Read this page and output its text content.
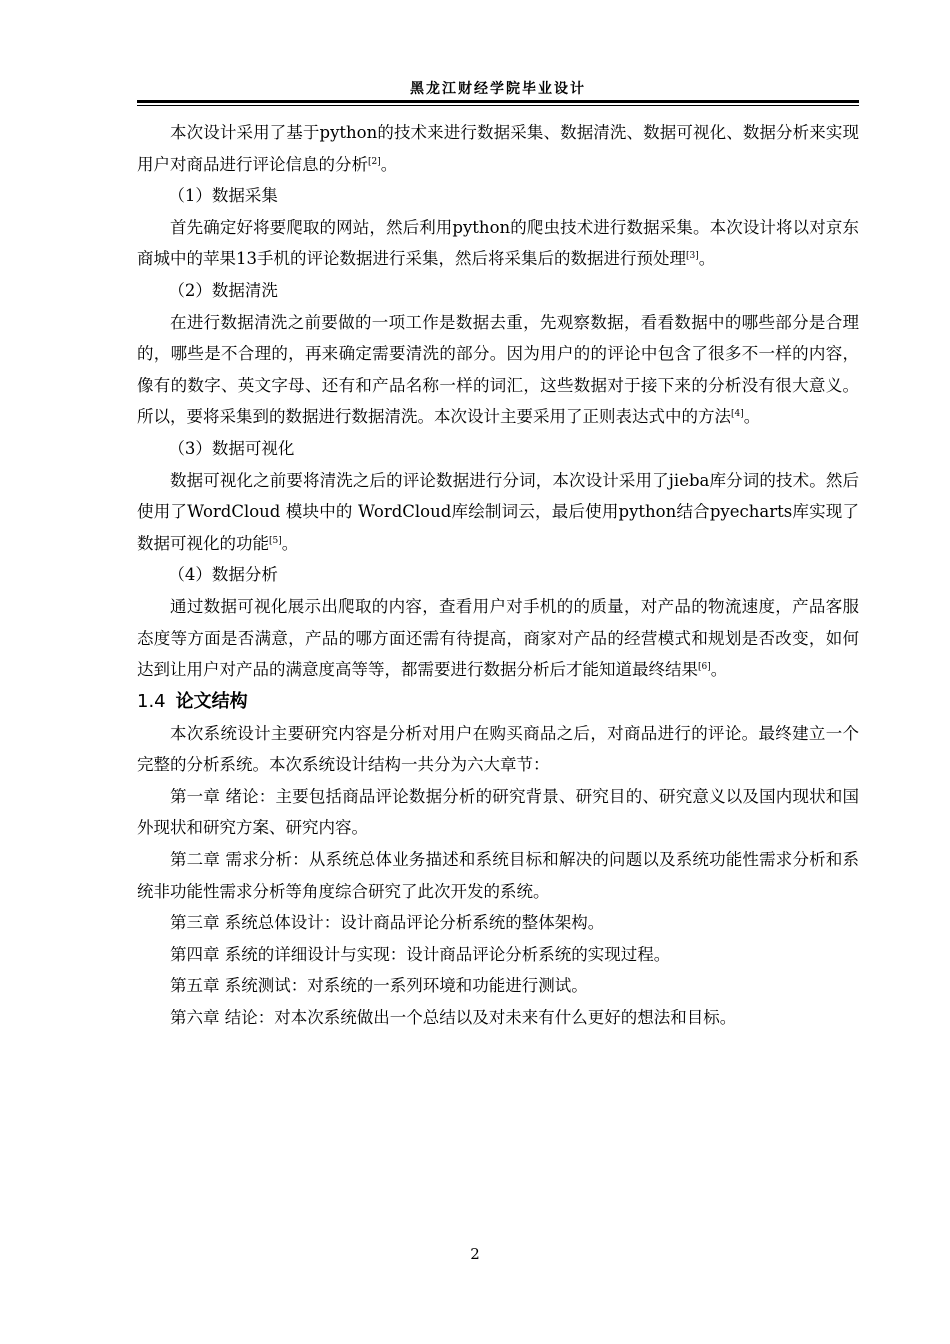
黑龙江财经学院毕业设计

本次设计采用了基于python的技术来进行数据采集、数据清洗、数据可视化、数据分析来实现用户对商品进行评论信息的分析[2]。

（1）数据采集

首先确定好将要爬取的网站，然后利用python的爬虫技术进行数据采集。本次设计将以对京东商城中的苹果13手机的评论数据进行采集，然后将采集后的数据进行预处理[3]。

（2）数据清洗

在进行数据清洗之前要做的一项工作是数据去重，先观察数据，看看数据中的哪些部分是合理的，哪些是不合理的，再来确定需要清洗的部分。因为用户的的评论中包含了很多不一样的内容，像有的数字、英文字母、还有和产品名称一样的词汇，这些数据对于接下来的分析没有很大意义。所以，要将采集到的数据进行数据清洗。本次设计主要采用了正则表达式中的方法[4]。

（3）数据可视化

数据可视化之前要将清洗之后的评论数据进行分词，本次设计采用了jieba库分词的技术。然后使用了WordCloud 模块中的 WordCloud库绘制词云，最后使用python结合pyecharts库实现了数据可视化的功能[5]。

（4）数据分析

通过数据可视化展示出爬取的内容，查看用户对手机的的质量，对产品的物流速度，产品客服态度等方面是否满意，产品的哪方面还需有待提高，商家对产品的经营模式和规划是否改变，如何达到让用户对产品的满意度高等等，都需要进行数据分析后才能知道最终结果[6]。

1.4 论文结构

本次系统设计主要研究内容是分析对用户在购买商品之后，对商品进行的评论。最终建立一个完整的分析系统。本次系统设计结构一共分为六大章节：

第一章 绪论：主要包括商品评论数据分析的研究背景、研究目的、研究意义以及国内现状和国外现状和研究方案、研究内容。

第二章 需求分析：从系统总体业务描述和系统目标和解决的问题以及系统功能性需求分析和系统非功能性需求分析等角度综合研究了此次开发的系统。

第三章 系统总体设计：设计商品评论分析系统的整体架构。

第四章 系统的详细设计与实现：设计商品评论分析系统的实现过程。

第五章 系统测试：对系统的一系列环境和功能进行测试。

第六章 结论：对本次系统做出一个总结以及对未来有什么更好的想法和目标。

2
